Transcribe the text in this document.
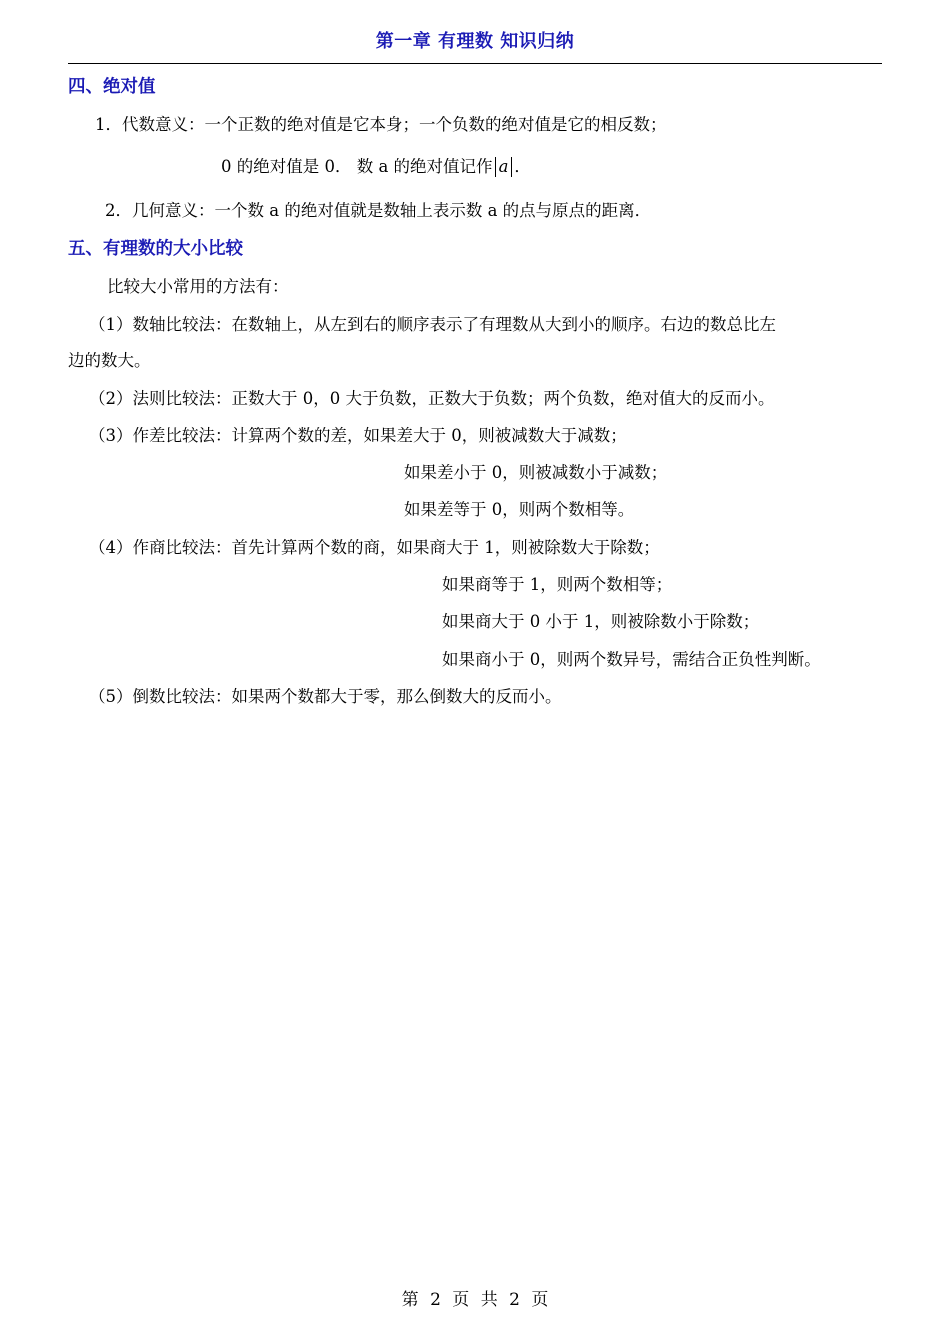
第一章 有理数 知识归纳
四、绝对值
1．代数意义：一个正数的绝对值是它本身；一个负数的绝对值是它的相反数；
0 的绝对值是 0． 数 a 的绝对值记作 a ．
2．几何意义：一个数 a 的绝对值就是数轴上表示数 a 的点与原点的距离．
五、有理数的大小比较
比较大小常用的方法有：
（1）数轴比较法：在数轴上，从左到右的顺序表示了有理数从大到小的顺序。右边的数总比左
边的数大。
（2）法则比较法：正数大于 0，0 大于负数，正数大于负数；两个负数，绝对值大的反而小。
（3）作差比较法：计算两个数的差，如果差大于 0，则被减数大于减数；
如果差小于 0，则被减数小于减数；
如果差等于 0，则两个数相等。
（4）作商比较法：首先计算两个数的商，如果商大于 1，则被除数大于除数；
如果商等于 1，则两个数相等；
如果商大于 0 小于 1，则被除数小于除数；
如果商小于 0，则两个数异号，需结合正负性判断。
（5）倒数比较法：如果两个数都大于零，那么倒数大的反而小。
第 2 页 共 2 页
